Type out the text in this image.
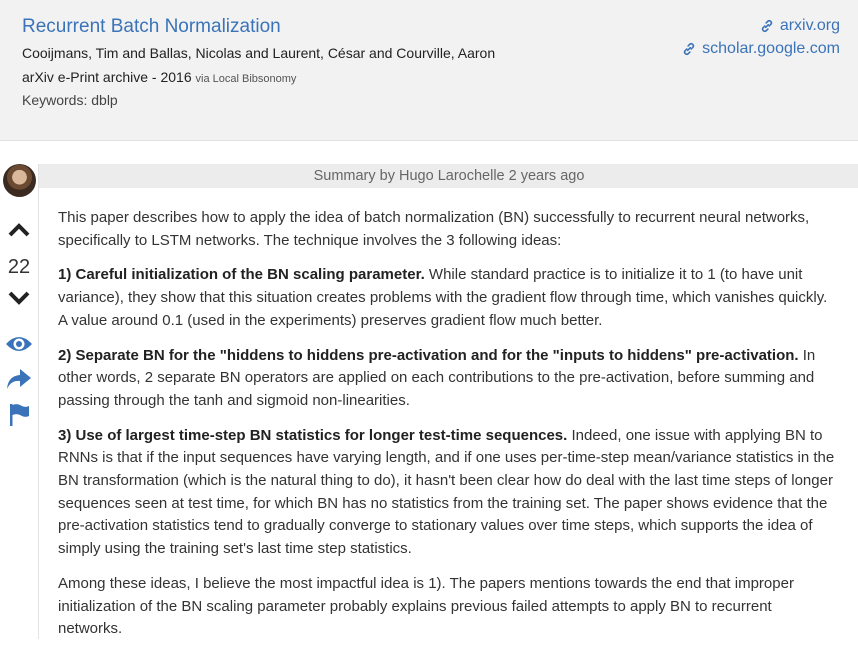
Recurrent Batch Normalization
Cooijmans, Tim and Ballas, Nicolas and Laurent, César and Courville, Aaron
arXiv e-Print archive - 2016 via Local Bibsonomy
Keywords: dblp
arxiv.org
scholar.google.com
22
Summary by Hugo Larochelle 2 years ago

This paper describes how to apply the idea of batch normalization (BN) successfully to recurrent neural networks, specifically to LSTM networks. The technique involves the 3 following ideas:

1) Careful initialization of the BN scaling parameter. While standard practice is to initialize it to 1 (to have unit variance), they show that this situation creates problems with the gradient flow through time, which vanishes quickly. A value around 0.1 (used in the experiments) preserves gradient flow much better.

2) Separate BN for the "hiddens to hiddens pre-activation and for the "inputs to hiddens" pre-activation. In other words, 2 separate BN operators are applied on each contributions to the pre-activation, before summing and passing through the tanh and sigmoid non-linearities.

3) Use of largest time-step BN statistics for longer test-time sequences. Indeed, one issue with applying BN to RNNs is that if the input sequences have varying length, and if one uses per-time-step mean/variance statistics in the BN transformation (which is the natural thing to do), it hasn't been clear how do deal with the last time steps of longer sequences seen at test time, for which BN has no statistics from the training set. The paper shows evidence that the pre-activation statistics tend to gradually converge to stationary values over time steps, which supports the idea of simply using the training set's last time step statistics.

Among these ideas, I believe the most impactful idea is 1). The papers mentions towards the end that improper initialization of the BN scaling parameter probably explains previous failed attempts to apply BN to recurrent networks.
